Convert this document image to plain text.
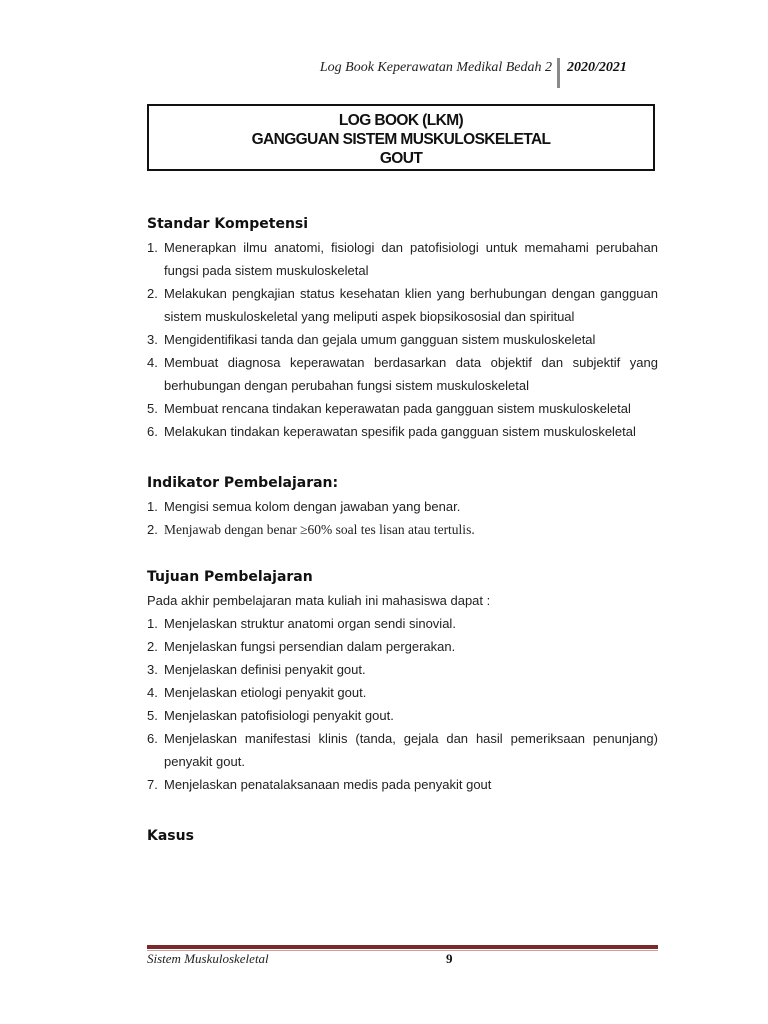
Log Book Keperawatan Medikal Bedah 2 2020/2021
LOG BOOK (LKM)
GANGGUAN SISTEM MUSKULOSKELETAL
GOUT
Standar Kompetensi
1. Menerapkan ilmu anatomi, fisiologi dan patofisiologi untuk memahami perubahan fungsi pada sistem muskuloskeletal
2. Melakukan pengkajian status kesehatan klien yang berhubungan dengan gangguan sistem muskuloskeletal yang meliputi aspek biopsikososial dan spiritual
3. Mengidentifikasi tanda dan gejala umum gangguan sistem muskuloskeletal
4. Membuat diagnosa keperawatan berdasarkan data objektif dan subjektif yang berhubungan dengan perubahan fungsi sistem muskuloskeletal
5. Membuat rencana tindakan keperawatan pada gangguan sistem muskuloskeletal
6. Melakukan tindakan keperawatan spesifik pada gangguan sistem muskuloskeletal
Indikator Pembelajaran:
1. Mengisi semua kolom dengan jawaban yang benar.
2. Menjawab dengan benar ≥60% soal tes lisan atau tertulis.
Tujuan Pembelajaran

Pada akhir pembelajaran mata kuliah ini mahasiswa dapat :

1. Menjelaskan struktur anatomi organ sendi sinovial.
2. Menjelaskan fungsi persendian dalam pergerakan.
3. Menjelaskan definisi penyakit gout.
4. Menjelaskan etiologi penyakit gout.
5. Menjelaskan patofisiologi penyakit gout.
6. Menjelaskan manifestasi klinis (tanda, gejala dan hasil pemeriksaan penunjang) penyakit gout.
7. Menjelaskan penatalaksanaan medis pada penyakit gout
Kasus
Sistem Muskuloskeletal	9
